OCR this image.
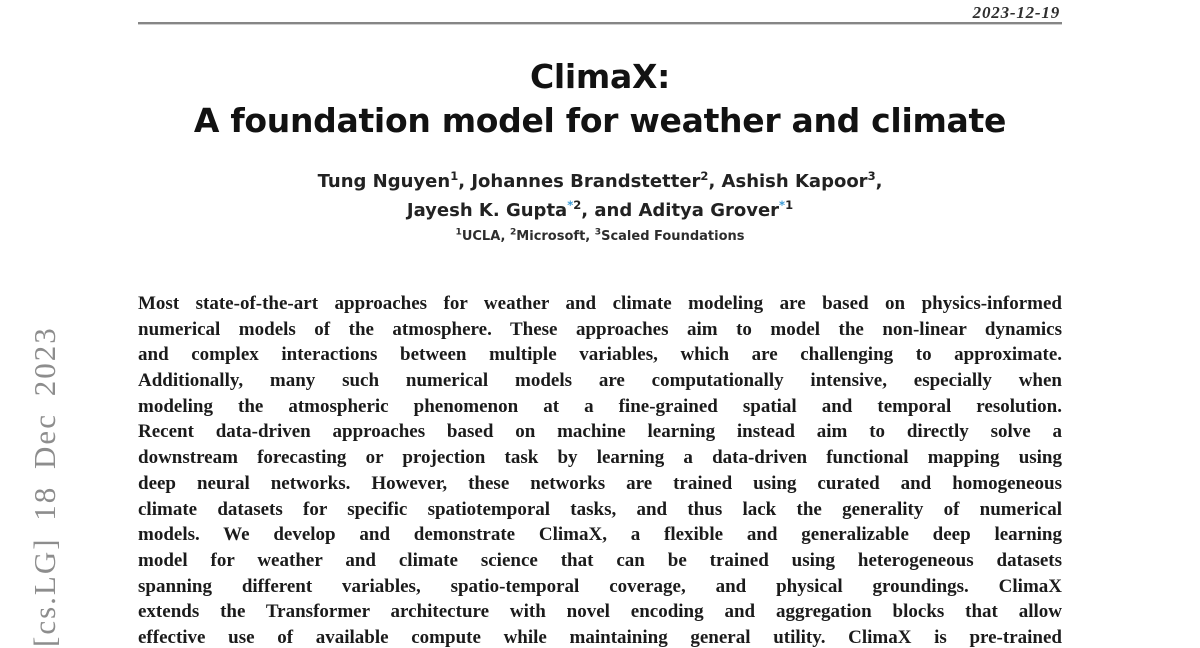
2023-12-19
ClimaX:
A foundation model for weather and climate
Tung Nguyen$^1$, Johannes Brandstetter$^2$, Ashish Kapoor$^3$,
Jayesh K. Gupta$^{*2}$, and Aditya Grover$^{*1}$
$^1$UCLA, $^2$Microsoft, $^3$Scaled Foundations
Most state-of-the-art approaches for weather and climate modeling are based on physics-informed
numerical models of the atmosphere. These approaches aim to model the non-linear dynamics
and complex interactions between multiple variables, which are challenging to approximate.
Additionally, many such numerical models are computationally intensive, especially when
modeling the atmospheric phenomenon at a fine-grained spatial and temporal resolution.
Recent data-driven approaches based on machine learning instead aim to directly solve a
downstream forecasting or projection task by learning a data-driven functional mapping using
deep neural networks. However, these networks are trained using curated and homogeneous
climate datasets for specific spatiotemporal tasks, and thus lack the generality of numerical
models. We develop and demonstrate ClimaX, a flexible and generalizable deep learning
model for weather and climate science that can be trained using heterogeneous datasets
spanning different variables, spatio-temporal coverage, and physical groundings. ClimaX
extends the Transformer architecture with novel encoding and aggregation blocks that allow
effective use of available compute while maintaining general utility. ClimaX is pre-trained
[cs.LG] 18 Dec 2023
